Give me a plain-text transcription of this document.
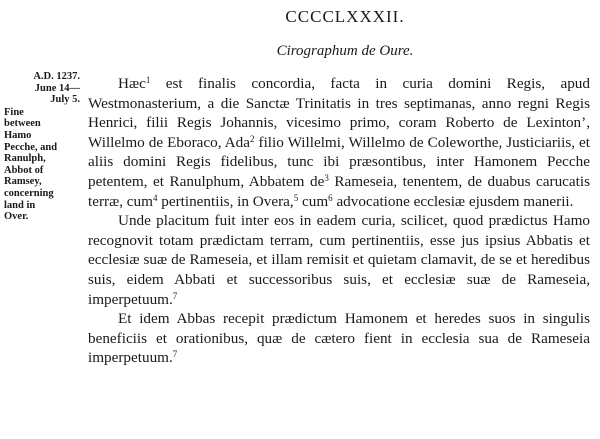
CCCCLXXXII.
Cirographum de Oure.
A.D. 1237.
June 14—
July 5.
Fine
between
Hamo
Pecche, and
Ranulph,
Abbot of
Ramsey,
concerning
land in
Over.

Hæc$^1$ est finalis concordia, facta in curia domini Regis, apud Westmonasterium, a die Sanctæ Trinitatis in tres septimanas, anno regni Regis Henrici, filii Regis Johannis, vicesimo primo, coram Roberto de Lexinton’, Willelmo de Eboraco, Ada$^2$ filio Willelmi, Willelmo de Coleworthe, Justiciariis, et aliis domini Regis fidelibus, tunc ibi præsontibus, inter Hamonem Pecche petentem, et Ranulphum, Abbatem $de^3$ Rameseia, tenentem, de duabus carucatis terræ, cum$^4$ pertinentiis, in Overa,$^5$ cum$^6$ advocatione ecclesiæ ejusdem manerii.

Unde placitum fuit inter eos in eadem curia, scilicet, quod prædictus Hamo recognovit totam prædictam terram, cum pertinentiis, esse jus ipsius Abbatis et ecclesiæ suæ de Rameseia, et illam remisit et quietam clamavit, de se et heredibus suis, eidem Abbati et successoribus suis, et ecclesiæ suæ de Rameseia, imperpetuum.$^7$

Et idem Abbas recepit prædictum Hamonem et heredes suos in singulis beneficiis et orationibus, quæ de cætero fient in ecclesia sua de Rameseia imperpetuum.$^7$
